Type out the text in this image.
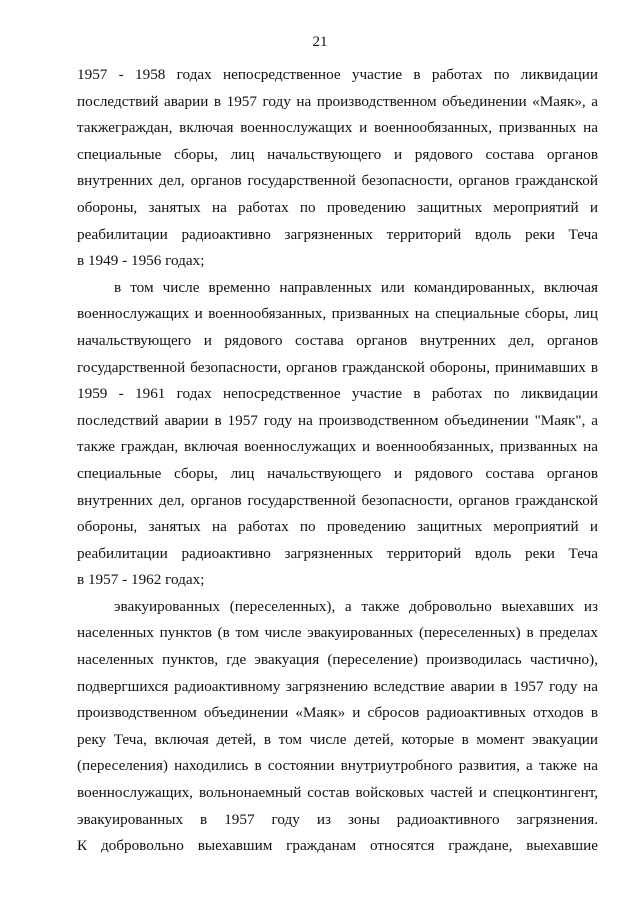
21
1957 - 1958 годах непосредственное участие в работах по ликвидации
последствий аварии в 1957 году на производственном объединении «Маяк», а
такжеграждан, включая военнослужащих и военнообязанных, призванных на
специальные сборы, лиц начальствующего и рядового состава органов
внутренних дел, органов государственной безопасности, органов гражданской
обороны, занятых на работах по проведению защитных мероприятий и
реабилитации радиоактивно загрязненных территорий вдоль реки Теча
в 1949 - 1956 годах;
в том числе временно направленных или командированных, включая
военнослужащих и военнообязанных, призванных на специальные сборы, лиц
начальствующего и рядового состава органов внутренних дел, органов
государственной безопасности, органов гражданской обороны, принимавших в
1959 - 1961 годах непосредственное участие в работах по ликвидации
последствий аварии в 1957 году на производственном объединении "Маяк", а
также граждан, включая военнослужащих и военнообязанных, призванных на
специальные сборы, лиц начальствующего и рядового состава органов
внутренних дел, органов государственной безопасности, органов гражданской
обороны, занятых на работах по проведению защитных мероприятий и
реабилитации радиоактивно загрязненных территорий вдоль реки Теча
в 1957 - 1962 годах;
эвакуированных (переселенных), а также добровольно выехавших из
населенных пунктов (в том числе эвакуированных (переселенных) в пределах
населенных пунктов, где эвакуация (переселение) производилась частично),
подвергшихся радиоактивному загрязнению вследствие аварии в 1957 году на
производственном объединении «Маяк» и сбросов радиоактивных отходов в
реку Теча, включая детей, в том числе детей, которые в момент эвакуации
(переселения) находились в состоянии внутриутробного развития, а также на
военнослужащих, вольнонаемный состав войсковых частей и спецконтингент,
эвакуированных в 1957 году из зоны радиоактивного загрязнения.
К добровольно выехавшим гражданам относятся граждане, выехавшие
